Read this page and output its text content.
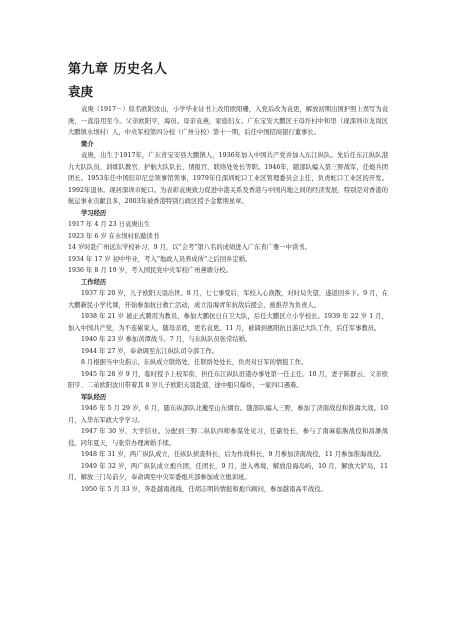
第九章 历史名人
袁庚

袁庚（1917－）原名欧阳汝山，小学毕业证书上改用欧阳珊，入党后改为袁更，解放初期出国护照上误写为袁庚，一直沿用至今。父亲欧阳亨，海员。母亲袁燕，家庭妇女。广东宝安大鹏区王母圩村中和里（现深圳市龙岗区大鹏镇水坝村）人，中央军校第四分校（广州分校）第十一期，后任中国招商银行董事长。

简介

袁庚，出生于1917年，广东省宝安县大鹏镇人，1936年加入中国共产党并加入东江纵队。先后任东江纵队港九大队队员、训练队教官、护航大队队长、情报官、联络处处长等职。1946年，随部队编入第三野战军，任炮兵团团长。1953年任中国驻印尼总领事馆领事，1979年任深圳蛇口工业区管理委员会主任，负责蛇口工业区的开发。1992年退休。现居深圳市蛇口。为表彰袁庚致力促进中港关系及香港与中国内地之间的经济发展，特别是对香港的航运事业贡献良多，2003年被香港特别行政区授予金紫荆星章。

学习经历

1917 年 4 月 23 日袁庚出生

1923 年 6 岁 在水坝村私塾读书

14 岁时赴广州远东学校补习，9 月，以“会考”第八名的成绩进入广东省广雅一中读书。

1934 年 17 岁 初中毕业，考入“地政人员养成所”之后回乡定婚。

1936 年 8 月 19 岁，考入国民党中央军校广州燕塘分校。

工作经历

1937 年 20 岁，儿子欧阳天羽出世。8 月，七七事变后，军校人心涣散，对时局失望，遂返回乡下。9 月，在大鹏新民小学代课，开始参加抗日救亡活动，成立沿海青年抗敌后援会，被推荐为负责人。

1938 年 21 岁 被正式聘用为教员，参加大鹏抗日自卫大队，后任大鹏区立小学校长。1939 年 22 岁 1 月，加入中国共产党，为不连累家人，随母亲姓，更名袁更。11 月，被调到惠阳抗日游记大队工作，后任军事教员。

1940 年 23 岁 参加黄潭战斗。7 月，与东纵队员张常结婚。

1944 年 27 岁，奉命调至东江纵队司令部工作。

8 月根据当中央指示，东纵成立联络处，任联络处处长，负责对日军的情报工作。

1945 年 28 岁 9 月，临时授予上校军衔，担任东江纵队驻港办事处第一任主任。10 月，妻子陈群云、父亲欧阳亨、二弟欧阳汝川带着其 8 岁儿子欧阳天羽赴港，途中船只爆炸，一家四口遇难。

军队经历

1946 年 5 月 29 岁，6 月，随东纵部队北撤至山东烟台。随部队编入三野，参加了济南战役和淮海大战。10 月，入华东军政大学学习。

1947 年 30 岁，大学结业。分配到三野二纵队四师参谋处见习，任副处长，参与了南麻临朐战役和昌潍战役。同年夏天，与张常办理离婚手续。

1948 年 31 岁，两广纵队成立，任纵队侦查科长，后为作战科长，9 月参加济南战役，11 月参加淮海战役。

1949 年 32 岁，两广纵队成立炮兵团，任团长，9 月，进入粤境，解放沿海岛屿，10 月，解放大铲岛，11 月，解放三门岛前夕，奉命调至中央军委炮兵部参加成立炮训班。

1950 年 5 月 33 岁，奔赴越南战线，任胡志明的情报和炮兵顾问，参加越南高平战役。
